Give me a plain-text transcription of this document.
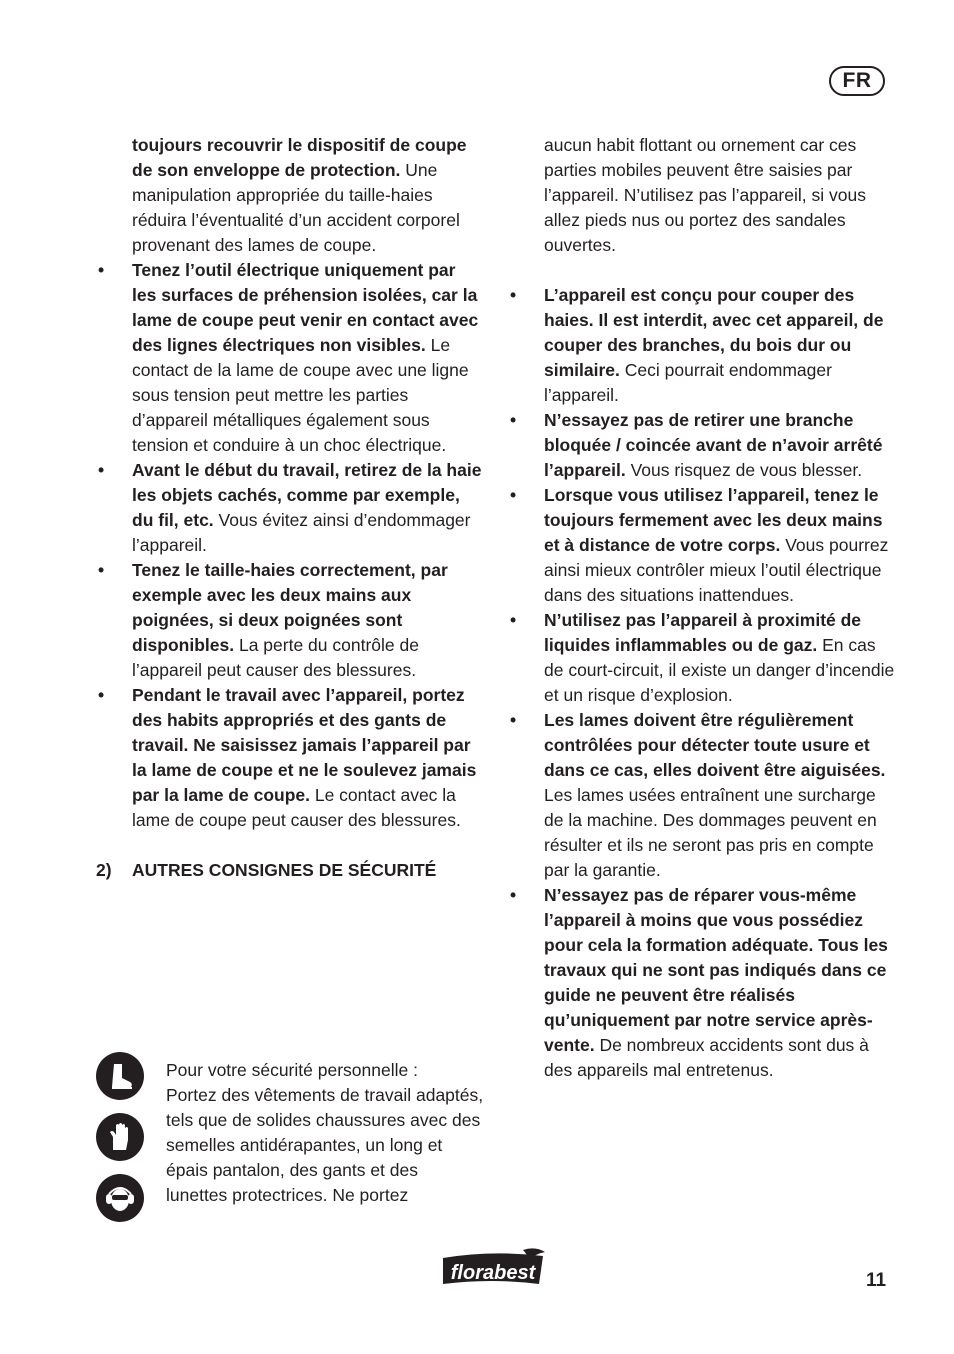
FR

toujours recouvrir le dispositif de coupe de son enveloppe de protection. Une manipulation appropriée du taille-haies réduira l’éventualité d’un accident corporel provenant des lames de coupe.

• Tenez l’outil électrique uniquement par les surfaces de préhension isolées, car la lame de coupe peut venir en contact avec des lignes électriques non visibles. Le contact de la lame de coupe avec une ligne sous tension peut mettre les parties d’appareil métalliques également sous tension et conduire à un choc électrique.
• Avant le début du travail, retirez de la haie les objets cachés, comme par exemple, du fil, etc. Vous évitez ainsi d’endommager l’appareil.
• Tenez le taille-haies correctement, par exemple avec les deux mains aux poignées, si deux poignées sont disponibles. La perte du contrôle de l’appareil peut causer des blessures.
• Pendant le travail avec l’appareil, portez des habits appropriés et des gants de travail. Ne saisissez jamais l’appareil par la lame de coupe et ne le soulevez jamais par la lame de coupe. Le contact avec la lame de coupe peut causer des blessures.
2) AUTRES CONSIGNES DE SÉCURITÉ
Pour votre sécurité personnelle :
Portez des vêtements de travail adaptés, tels que de solides chaussures avec des semelles antidérapantes, un long et épais pantalon, des gants et des lunettes protectrices. Ne portez

aucun habit flottant ou ornement car ces parties mobiles peuvent être saisies par l’appareil. N’utilisez pas l’appareil, si vous allez pieds nus ou portez des sandales ouvertes.

• L’appareil est conçu pour couper des haies. Il est interdit, avec cet appareil, de couper des branches, du bois dur ou similaire. Ceci pourrait endommager l’appareil.
• N’essayez pas de retirer une branche bloquée / coincée avant de n’avoir arrêté l’appareil. Vous risquez de vous blesser.
• Lorsque vous utilisez l’appareil, tenez le toujours fermement avec les deux mains et à distance de votre corps. Vous pourrez ainsi mieux contrôler mieux l’outil électrique dans des situations inattendues.
• N’utilisez pas l’appareil à proximité de liquides inflammables ou de gaz. En cas de court-circuit, il existe un danger d’incendie et un risque d’explosion.
• Les lames doivent être régulièrement contrôlées pour détecter toute usure et dans ce cas, elles doivent être aiguisées. Les lames usées entraînent une surcharge de la machine. Des dommages peuvent en résulter et ils ne seront pas pris en compte par la garantie.
• N’essayez pas de réparer vous-même l’appareil à moins que vous possédiez pour cela la formation adéquate. Tous les travaux qui ne sont pas indiqués dans ce guide ne peuvent être réalisés qu’uniquement par notre service après-vente. De nombreux accidents sont dus à des appareils mal entretenus.
florabest	11
